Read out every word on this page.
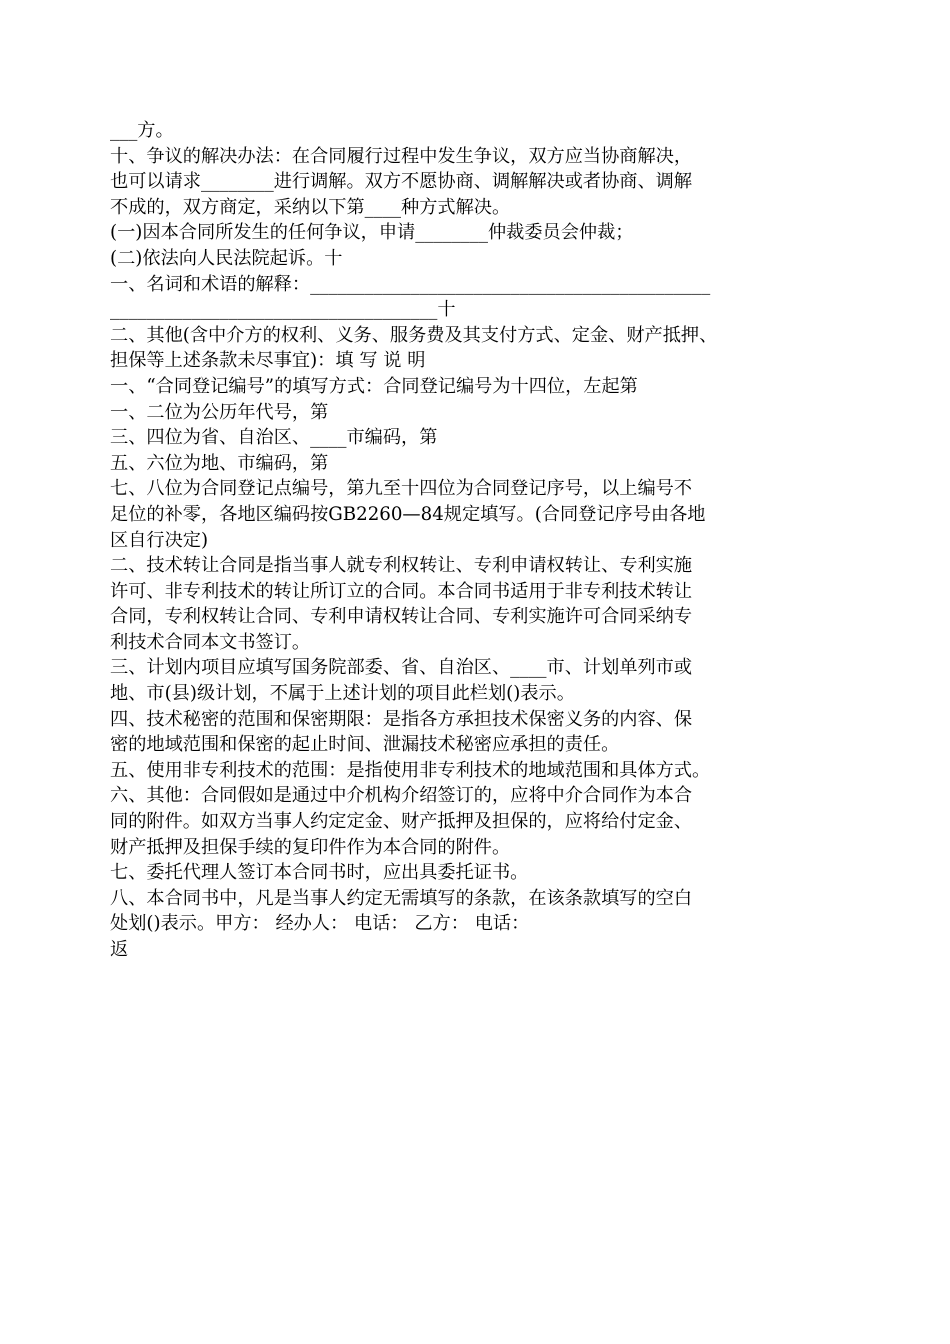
___方。
十、争议的解决办法：在合同履行过程中发生争议，双方应当协商解决，
也可以请求________进行调解。双方不愿协商、调解解决或者协商、调解
不成的，双方商定，采纳以下第____种方式解决。
(一)因本合同所发生的任何争议，申请________仲裁委员会仲裁；
(二)依法向人民法院起诉。十
一、名词和术语的解释：____________________________________________
____________________________________十
二、其他(含中介方的权利、义务、服务费及其支付方式、定金、财产抵押、
担保等上述条款未尽事宜)：填 写 说 明
一、“合同登记编号”的填写方式：合同登记编号为十四位，左起第
一、二位为公历年代号，第
三、四位为省、自治区、____市编码，第
五、六位为地、市编码，第
七、八位为合同登记点编号，第九至十四位为合同登记序号，以上编号不
足位的补零，各地区编码按GB2260—84规定填写。(合同登记序号由各地
区自行决定)
二、技术转让合同是指当事人就专利权转让、专利申请权转让、专利实施
许可、非专利技术的转让所订立的合同。本合同书适用于非专利技术转让
合同，专利权转让合同、专利申请权转让合同、专利实施许可合同采纳专
利技术合同本文书签订。
三、计划内项目应填写国务院部委、省、自治区、____市、计划单列市或
地、市(县)级计划，不属于上述计划的项目此栏划()表示。
四、技术秘密的范围和保密期限：是指各方承担技术保密义务的内容、保
密的地域范围和保密的起止时间、泄漏技术秘密应承担的责任。
五、使用非专利技术的范围：是指使用非专利技术的地域范围和具体方式。
六、其他：合同假如是通过中介机构介绍签订的，应将中介合同作为本合
同的附件。如双方当事人约定定金、财产抵押及担保的，应将给付定金、
财产抵押及担保手续的复印件作为本合同的附件。
七、委托代理人签订本合同书时，应出具委托证书。
八、本合同书中，凡是当事人约定无需填写的条款，在该条款填写的空白
处划()表示。甲方： 经办人： 电话： 乙方： 电话：
返
